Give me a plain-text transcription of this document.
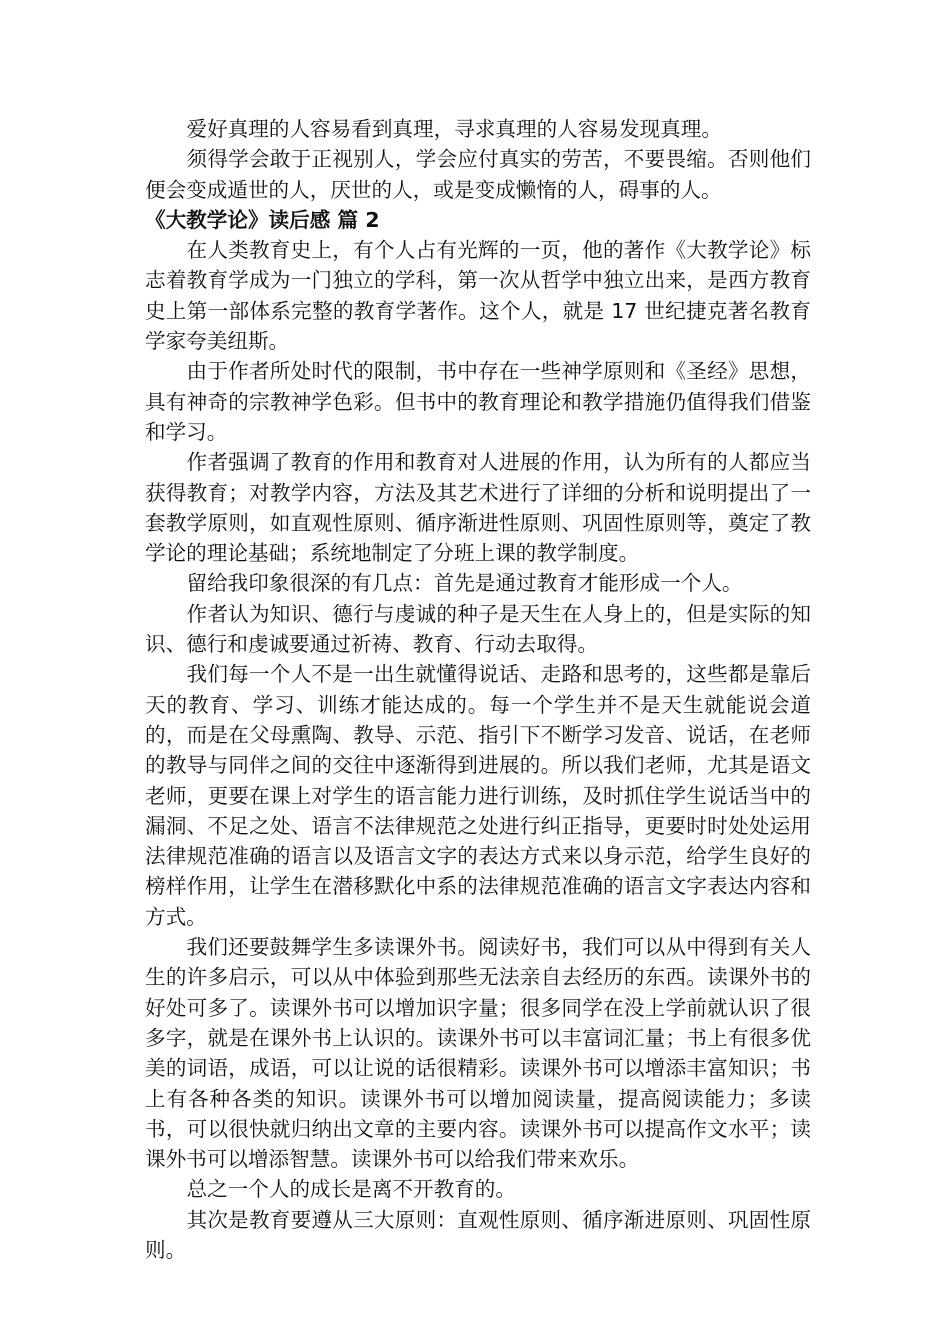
爱好真理的人容易看到真理，寻求真理的人容易发现真理。

须得学会敢于正视别人，学会应付真实的劳苦，不要畏缩。否则他们便会变成遁世的人，厌世的人，或是变成懒惰的人，碍事的人。

《大教学论》读后感 篇 2

在人类教育史上，有个人占有光辉的一页，他的著作《大教学论》标志着教育学成为一门独立的学科，第一次从哲学中独立出来，是西方教育史上第一部体系完整的教育学著作。这个人，就是 17 世纪捷克著名教育学家夸美纽斯。

由于作者所处时代的限制，书中存在一些神学原则和《圣经》思想，具有神奇的宗教神学色彩。但书中的教育理论和教学措施仍值得我们借鉴和学习。

作者强调了教育的作用和教育对人进展的作用，认为所有的人都应当获得教育；对教学内容，方法及其艺术进行了详细的分析和说明提出了一套教学原则，如直观性原则、循序渐进性原则、巩固性原则等，奠定了教学论的理论基础；系统地制定了分班上课的教学制度。

留给我印象很深的有几点：首先是通过教育才能形成一个人。

作者认为知识、德行与虔诚的种子是天生在人身上的，但是实际的知识、德行和虔诚要通过祈祷、教育、行动去取得。

我们每一个人不是一出生就懂得说话、走路和思考的，这些都是靠后天的教育、学习、训练才能达成的。每一个学生并不是天生就能说会道的，而是在父母熏陶、教导、示范、指引下不断学习发音、说话，在老师的教导与同伴之间的交往中逐渐得到进展的。所以我们老师，尤其是语文老师，更要在课上对学生的语言能力进行训练，及时抓住学生说话当中的漏洞、不足之处、语言不法律规范之处进行纠正指导，更要时时处处运用法律规范准确的语言以及语言文字的表达方式来以身示范，给学生良好的榜样作用，让学生在潜移默化中系的法律规范准确的语言文字表达内容和方式。

我们还要鼓舞学生多读课外书。阅读好书，我们可以从中得到有关人生的许多启示，可以从中体验到那些无法亲自去经历的东西。读课外书的好处可多了。读课外书可以增加识字量；很多同学在没上学前就认识了很多字，就是在课外书上认识的。读课外书可以丰富词汇量；书上有很多优美的词语，成语，可以让说的话很精彩。读课外书可以增添丰富知识；书上有各种各类的知识。读课外书可以增加阅读量，提高阅读能力；多读书，可以很快就归纳出文章的主要内容。读课外书可以提高作文水平；读课外书可以增添智慧。读课外书可以给我们带来欢乐。

总之一个人的成长是离不开教育的。

其次是教育要遵从三大原则：直观性原则、循序渐进原则、巩固性原则。
